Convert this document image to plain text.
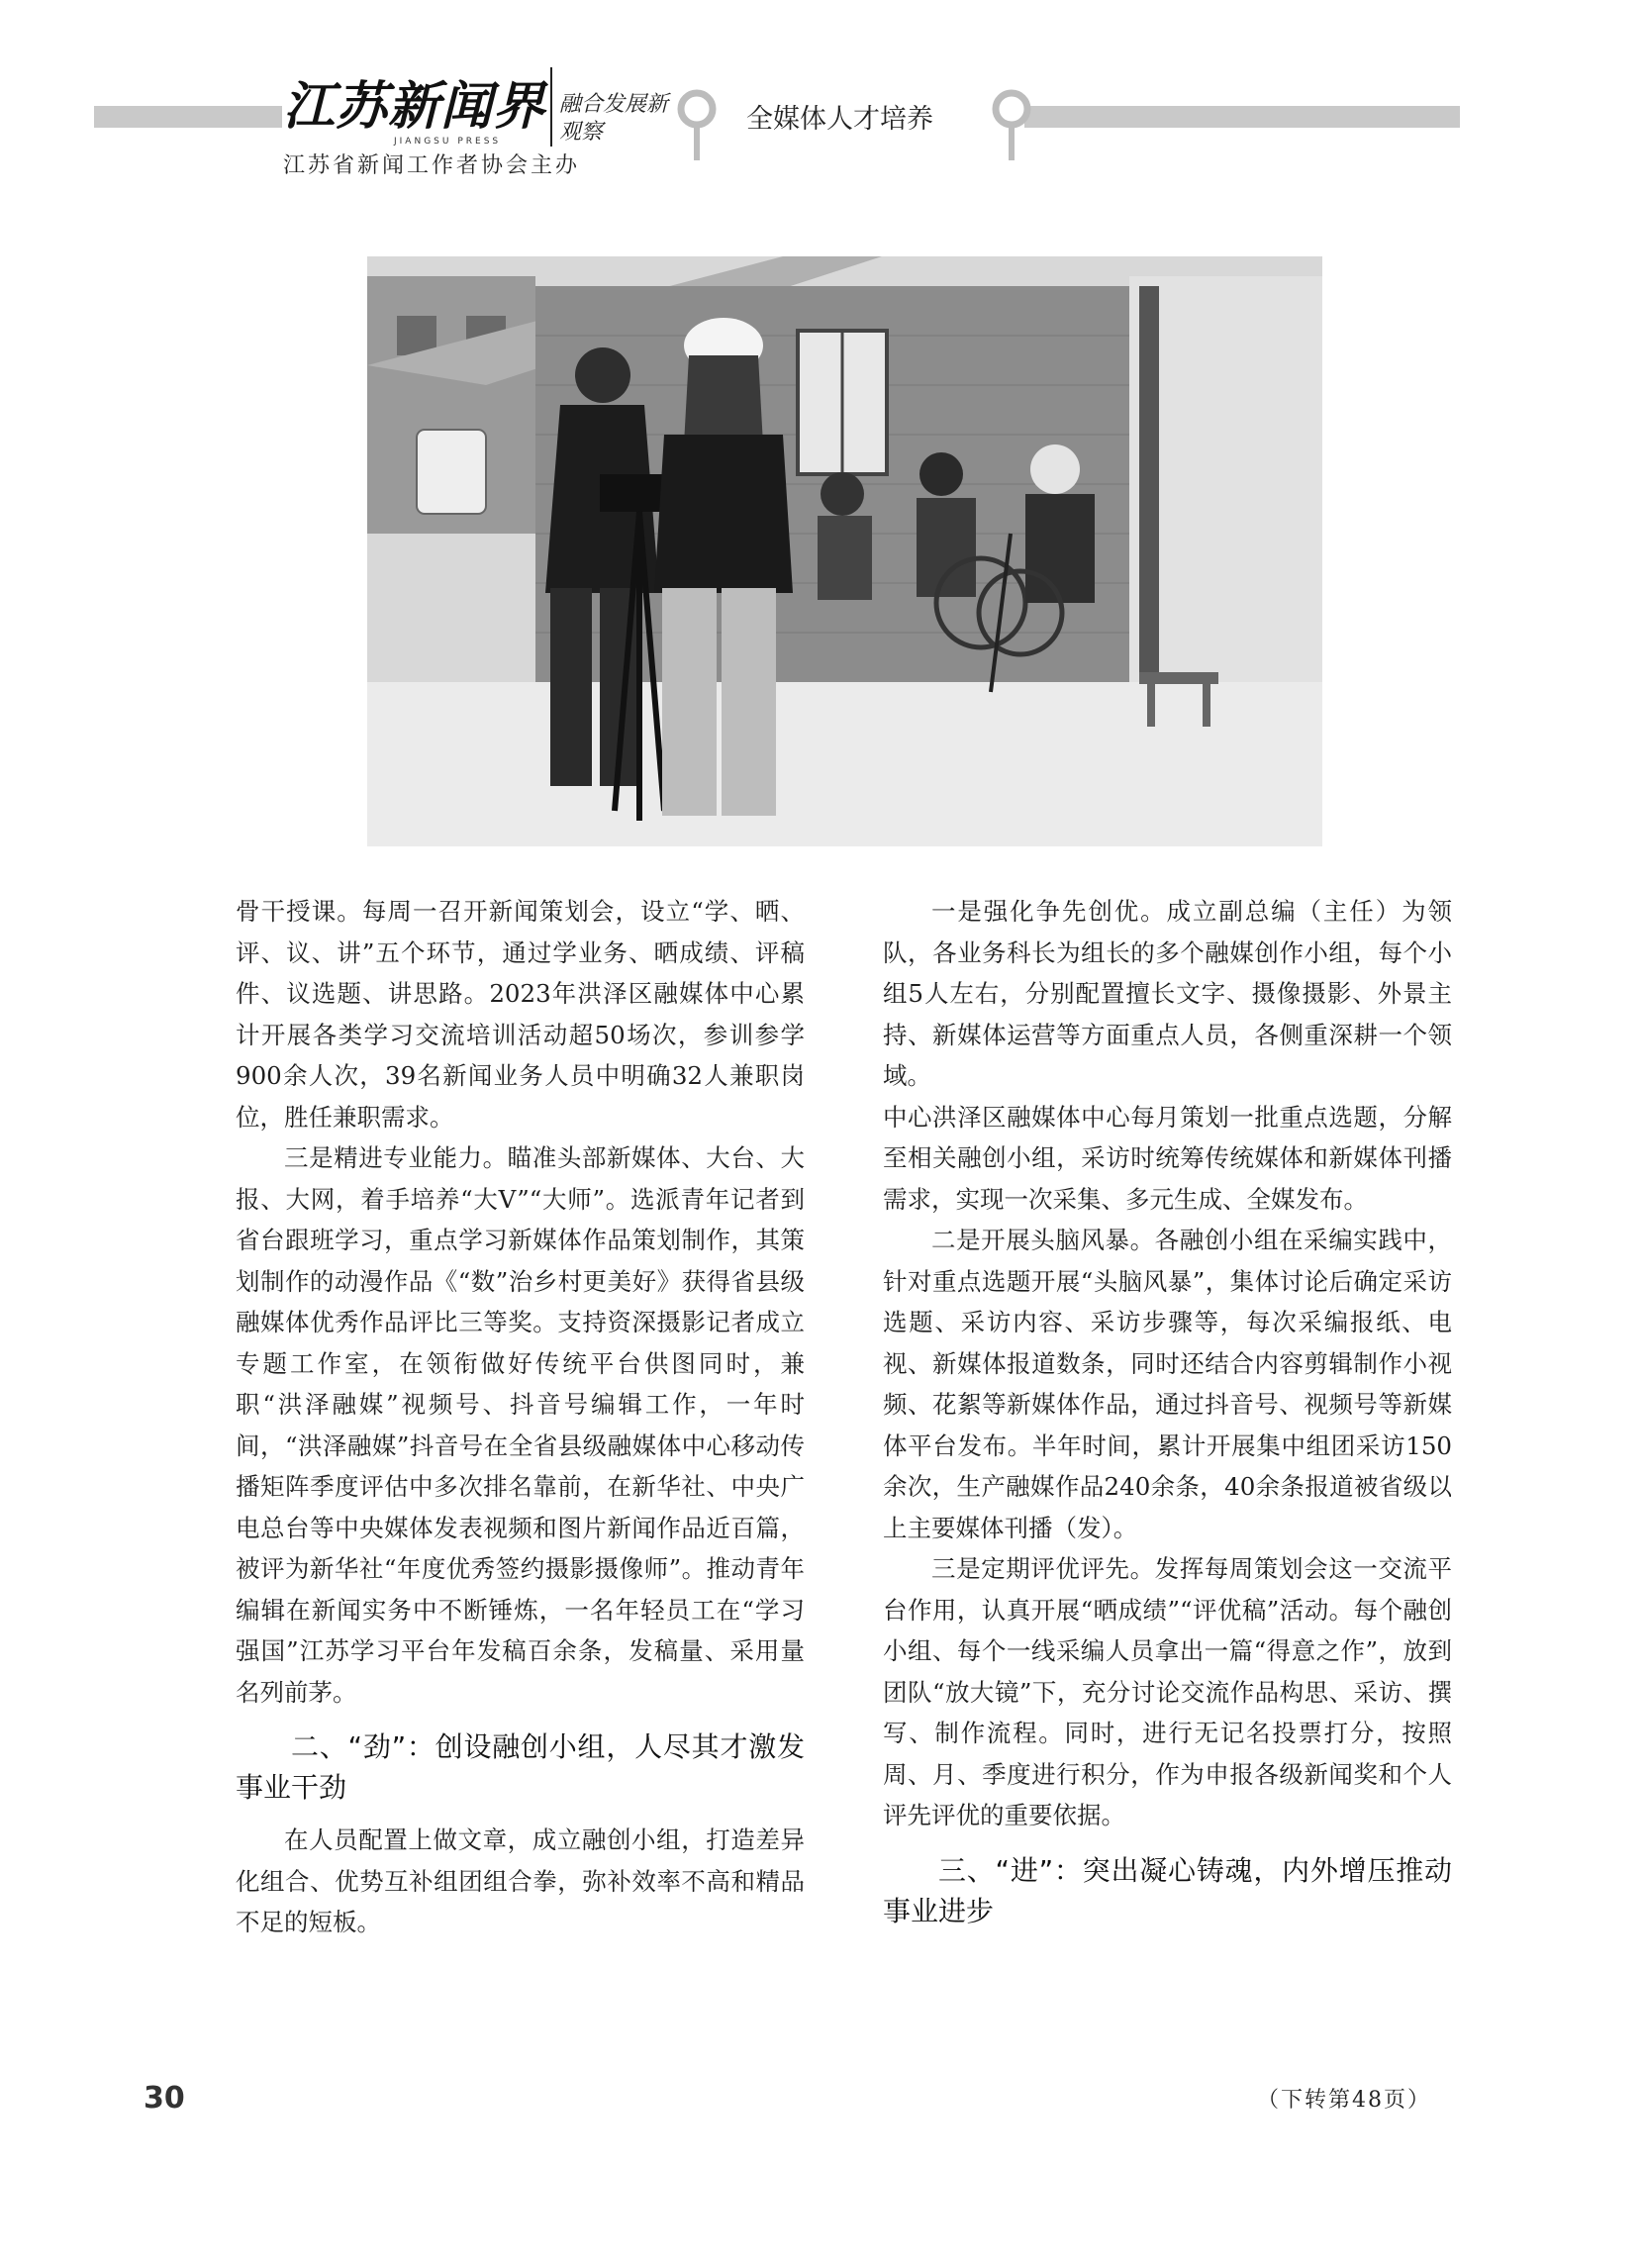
江苏新闻界
JIANGSU PRESS
融合发展新观察
江苏省新闻工作者协会主办
全媒体人才培养

骨干授课。每周一召开新闻策划会，设立“学、晒、评、议、讲”五个环节，通过学业务、晒成绩、评稿件、议选题、讲思路。2023年洪泽区融媒体中心累计开展各类学习交流培训活动超50场次，参训参学900余人次，39名新闻业务人员中明确32人兼职岗位，胜任兼职需求。

三是精进专业能力。瞄准头部新媒体、大台、大报、大网，着手培养“大V”“大师”。选派青年记者到省台跟班学习，重点学习新媒体作品策划制作，其策划制作的动漫作品《“数”治乡村更美好》获得省县级融媒体优秀作品评比三等奖。支持资深摄影记者成立专题工作室，在领衔做好传统平台供图同时，兼职“洪泽融媒”视频号、抖音号编辑工作，一年时间，“洪泽融媒”抖音号在全省县级融媒体中心移动传播矩阵季度评估中多次排名靠前，在新华社、中央广电总台等中央媒体发表视频和图片新闻作品近百篇，被评为新华社“年度优秀签约摄影摄像师”。推动青年编辑在新闻实务中不断锤炼，一名年轻员工在“学习强国”江苏学习平台年发稿百余条，发稿量、采用量名列前茅。

二、“劲”：创设融创小组，人尽其才激发事业干劲

在人员配置上做文章，成立融创小组，打造差异化组合、优势互补组团组合拳，弥补效率不高和精品不足的短板。

一是强化争先创优。成立副总编（主任）为领队，各业务科长为组长的多个融媒创作小组，每个小组5人左右，分别配置擅长文字、摄像摄影、外景主持、新媒体运营等方面重点人员，各侧重深耕一个领域。

中心洪泽区融媒体中心每月策划一批重点选题，分解至相关融创小组，采访时统筹传统媒体和新媒体刊播需求，实现一次采集、多元生成、全媒发布。

二是开展头脑风暴。各融创小组在采编实践中，针对重点选题开展“头脑风暴”，集体讨论后确定采访选题、采访内容、采访步骤等，每次采编报纸、电视、新媒体报道数条，同时还结合内容剪辑制作小视频、花絮等新媒体作品，通过抖音号、视频号等新媒体平台发布。半年时间，累计开展集中组团采访150余次，生产融媒作品240余条，40余条报道被省级以上主要媒体刊播（发）。

三是定期评优评先。发挥每周策划会这一交流平台作用，认真开展“晒成绩”“评优稿”活动。每个融创小组、每个一线采编人员拿出一篇“得意之作”，放到团队“放大镜”下，充分讨论交流作品构思、采访、撰写、制作流程。同时，进行无记名投票打分，按照周、月、季度进行积分，作为申报各级新闻奖和个人评先评优的重要依据。

三、“进”：突出凝心铸魂，内外增压推动事业进步
30	（下转第48页）
